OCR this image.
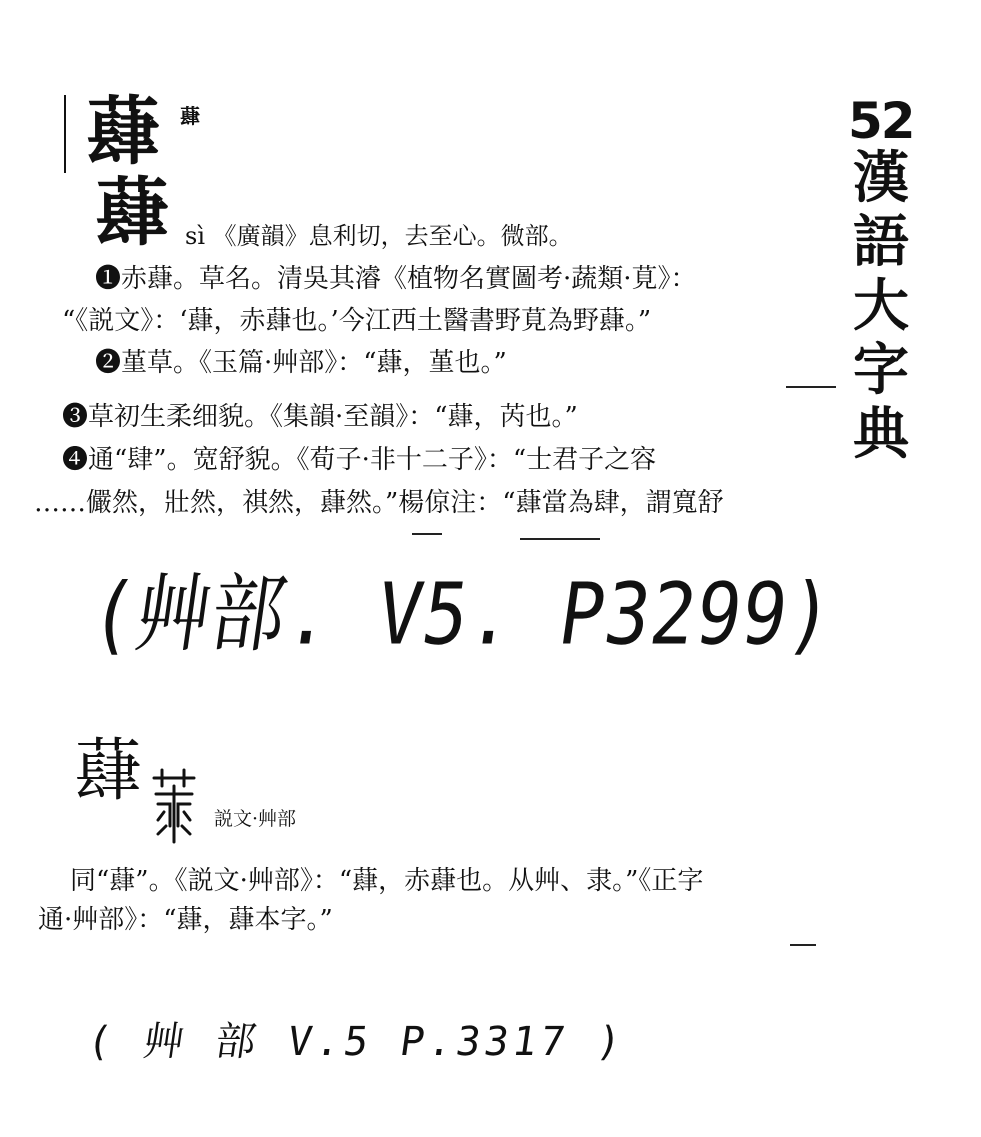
蕼 蕼
蕼 sì 《廣韻》息利切，去至心。微部。
❶赤蕼。草名。清吳其濬《植物名實圖考·蔬類·莧》：
“《説文》：‘蕼，赤蕼也。’今江西土醫書野莧為野蕼。”
❷堇草。《玉篇·艸部》：“蕼，堇也。”
❸草初生柔细貌。《集韻·至韻》：“蕼，芮也。”
❹通“肆”。宽舒貌。《荀子·非十二子》：“士君子之容
……儼然，壯然，祺然，蕼然。”楊倞注：“蕼當為肆，謂寬舒
52
漢
語
大
字
典
(艸部. V5. P3299)
蕼
説文·艸部
同“蕼”。《説文·艸部》：“蕼，赤蕼也。从艸、隶。”《正字
通·艸部》：“蕼，蕼本字。”
( 艸 部 V.5 P.3317 )
